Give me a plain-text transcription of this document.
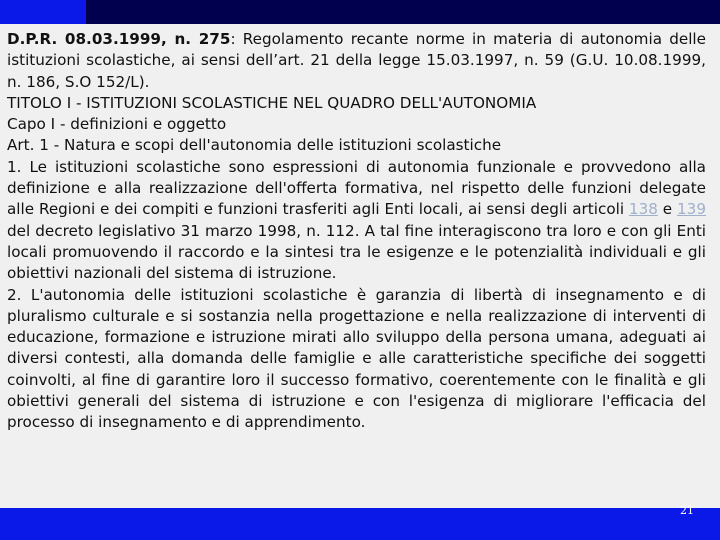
D.P.R. 08.03.1999, n. 275: Regolamento recante norme in materia di autonomia delle istituzioni scolastiche, ai sensi dell’art. 21 della legge 15.03.1997, n. 59 (G.U. 10.08.1999, n. 186, S.O 152/L).

TITOLO I - ISTITUZIONI SCOLASTICHE NEL QUADRO DELL'AUTONOMIA

Capo I - definizioni e oggetto

Art. 1 - Natura e scopi dell'autonomia delle istituzioni scolastiche

1. Le istituzioni scolastiche sono espressioni di autonomia funzionale e provvedono alla definizione e alla realizzazione dell'offerta formativa, nel rispetto delle funzioni delegate alle Regioni e dei compiti e funzioni trasferiti agli Enti locali, ai sensi degli articoli 138 e 139 del decreto legislativo 31 marzo 1998, n. 112. A tal fine interagiscono tra loro e con gli Enti locali promuovendo il raccordo e la sintesi tra le esigenze e le potenzialità individuali e gli obiettivi nazionali del sistema di istruzione.

2. L'autonomia delle istituzioni scolastiche è garanzia di libertà di insegnamento e di pluralismo culturale e si sostanzia nella progettazione e nella realizzazione di interventi di educazione, formazione e istruzione mirati allo sviluppo della persona umana, adeguati ai diversi contesti, alla domanda delle famiglie e alle caratteristiche specifiche dei soggetti coinvolti, al fine di garantire loro il successo formativo, coerentemente con le finalità e gli obiettivi generali del sistema di istruzione e con l'esigenza di migliorare l'efficacia del processo di insegnamento e di apprendimento.

21
